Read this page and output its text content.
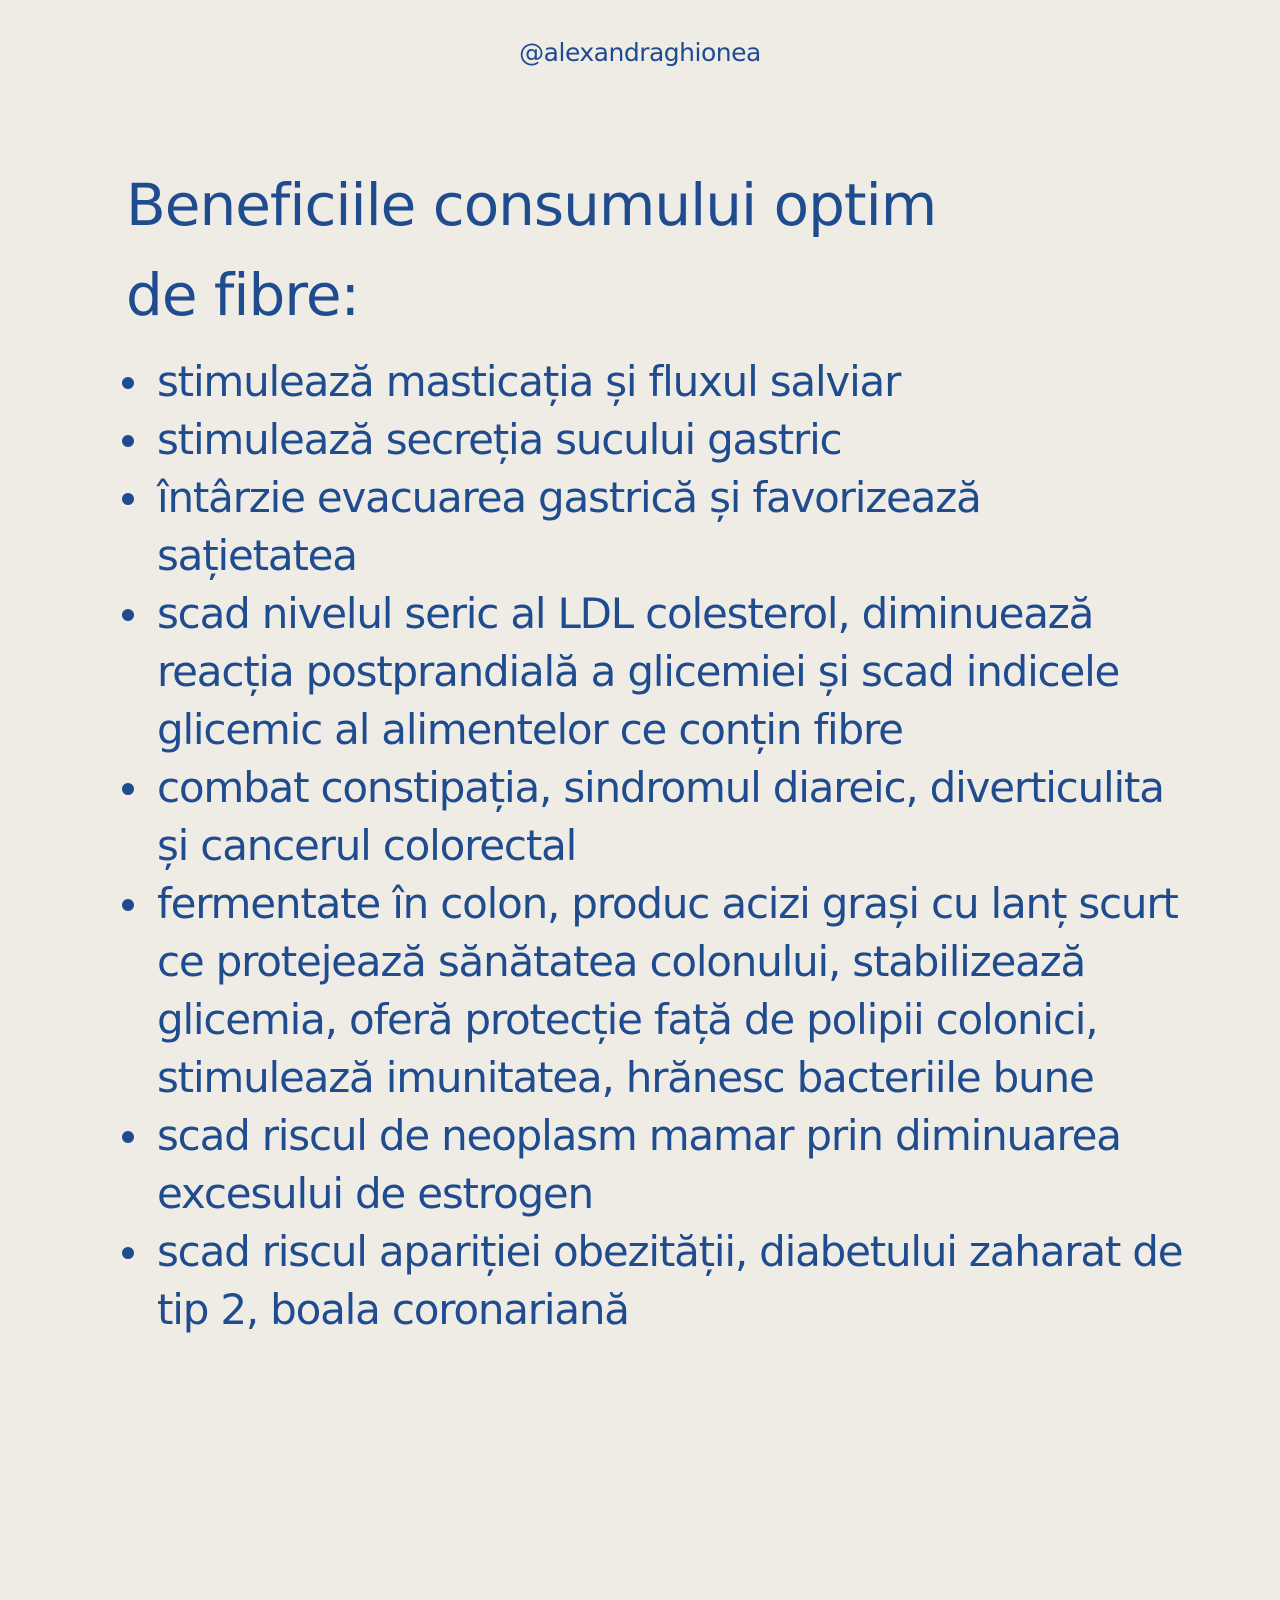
@alexandraghionea
Beneficiile consumului optim
de fibre:
stimulează masticația și fluxul salviar
stimulează secreția sucului gastric
întârzie evacuarea gastrică și favorizează sațietatea
scad nivelul seric al LDL colesterol, diminuează reacția postprandială a glicemiei și scad indicele glicemic al alimentelor ce conțin fibre
combat constipația, sindromul diareic, diverticulita și cancerul colorectal
fermentate în colon, produc acizi grași cu lanț scurt ce protejează sănătatea colonului, stabilizează glicemia, oferă protecție față de polipii colonici, stimulează imunitatea, hrănesc bacteriile bune
scad riscul de neoplasm mamar prin diminuarea excesului de estrogen
scad riscul apariției obezității, diabetului zaharat de tip 2, boala coronariană
